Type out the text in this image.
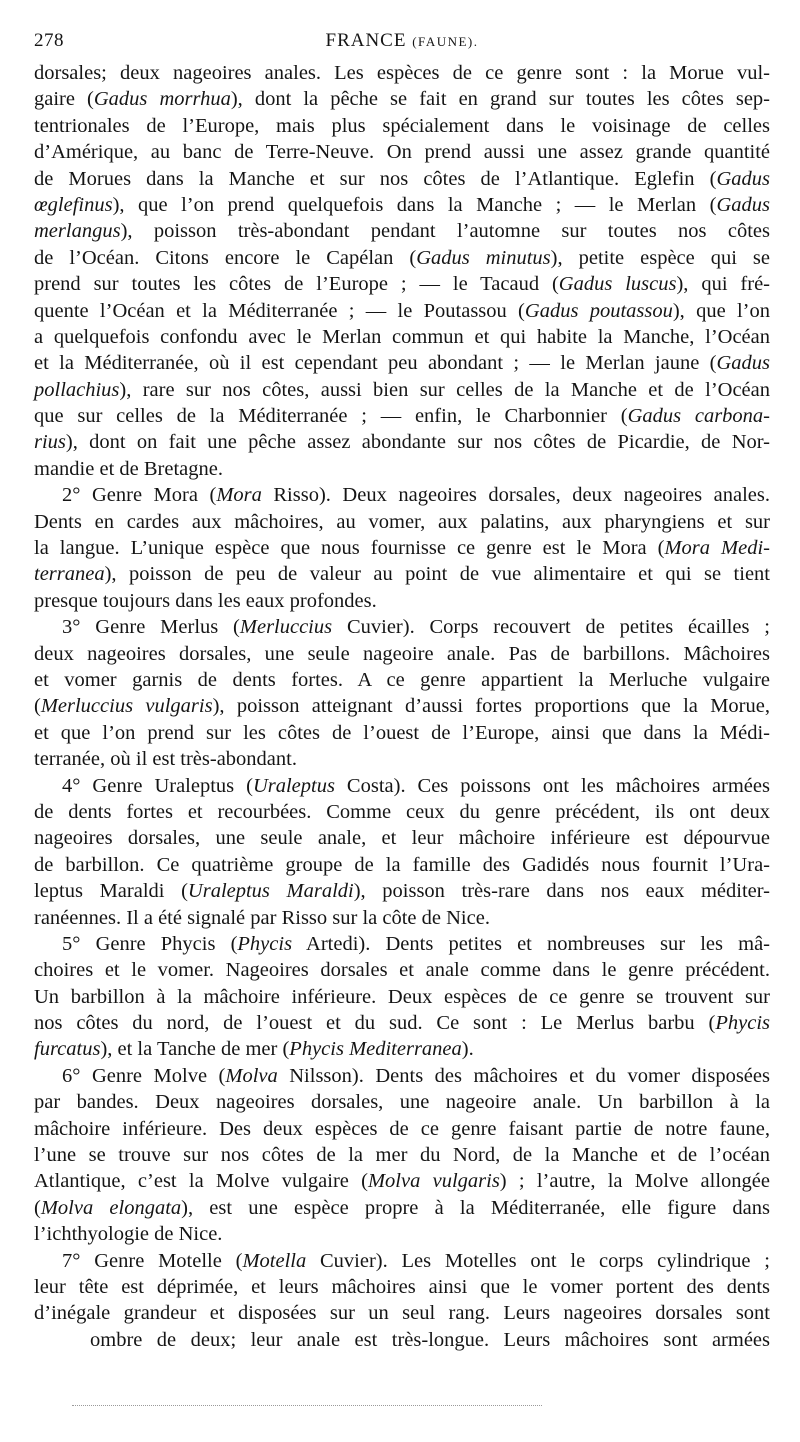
278	FRANCE (FAUNE).
dorsales; deux nageoires anales. Les espèces de ce genre sont : la Morue vul-
gaire (Gadus morrhua), dont la pêche se fait en grand sur toutes les côtes sep-
tentrionales de l’Europe, mais plus spécialement dans le voisinage de celles
d’Amérique, au banc de Terre-Neuve. On prend aussi une assez grande quantité
de Morues dans la Manche et sur nos côtes de l’Atlantique. Eglefin (Gadus
œglefinus), que l’on prend quelquefois dans la Manche ; — le Merlan (Gadus
merlangus), poisson très-abondant pendant l’automne sur toutes nos côtes
de l’Océan. Citons encore le Capélan (Gadus minutus), petite espèce qui se
prend sur toutes les côtes de l’Europe ; — le Tacaud (Gadus luscus), qui fré-
quente l’Océan et la Méditerranée ; — le Poutassou (Gadus poutassou), que l’on
a quelquefois confondu avec le Merlan commun et qui habite la Manche, l’Océan
et la Méditerranée, où il est cependant peu abondant ; — le Merlan jaune (Gadus
pollachius), rare sur nos côtes, aussi bien sur celles de la Manche et de l’Océan
que sur celles de la Méditerranée ; — enfin, le Charbonnier (Gadus carbona-
rius), dont on fait une pêche assez abondante sur nos côtes de Picardie, de Nor-
mandie et de Bretagne.
2° Genre Mora (Mora Risso). Deux nageoires dorsales, deux nageoires anales.
Dents en cardes aux mâchoires, au vomer, aux palatins, aux pharyngiens et sur
la langue. L’unique espèce que nous fournisse ce genre est le Mora (Mora Medi-
terranea), poisson de peu de valeur au point de vue alimentaire et qui se tient
presque toujours dans les eaux profondes.
3° Genre Merlus (Merluccius Cuvier). Corps recouvert de petites écailles ;
deux nageoires dorsales, une seule nageoire anale. Pas de barbillons. Mâchoires
et vomer garnis de dents fortes. A ce genre appartient la Merluche vulgaire
(Merluccius vulgaris), poisson atteignant d’aussi fortes proportions que la Morue,
et que l’on prend sur les côtes de l’ouest de l’Europe, ainsi que dans la Médi-
terranée, où il est très-abondant.
4° Genre Uraleptus (Uraleptus Costa). Ces poissons ont les mâchoires armées
de dents fortes et recourbées. Comme ceux du genre précédent, ils ont deux
nageoires dorsales, une seule anale, et leur mâchoire inférieure est dépourvue
de barbillon. Ce quatrième groupe de la famille des Gadidés nous fournit l’Ura-
leptus Maraldi (Uraleptus Maraldi), poisson très-rare dans nos eaux méditer-
ranéennes. Il a été signalé par Risso sur la côte de Nice.
5° Genre Phycis (Phycis Artedi). Dents petites et nombreuses sur les mâ-
choires et le vomer. Nageoires dorsales et anale comme dans le genre précédent.
Un barbillon à la mâchoire inférieure. Deux espèces de ce genre se trouvent sur
nos côtes du nord, de l’ouest et du sud. Ce sont : Le Merlus barbu (Phycis
furcatus), et la Tanche de mer (Phycis Mediterranea).
6° Genre Molve (Molva Nilsson). Dents des mâchoires et du vomer disposées
par bandes. Deux nageoires dorsales, une nageoire anale. Un barbillon à la
mâchoire inférieure. Des deux espèces de ce genre faisant partie de notre faune,
l’une se trouve sur nos côtes de la mer du Nord, de la Manche et de l’océan
Atlantique, c’est la Molve vulgaire (Molva vulgaris) ; l’autre, la Molve allongée
(Molva elongata), est une espèce propre à la Méditerranée, elle figure dans
l’ichthyologie de Nice.
7° Genre Motelle (Motella Cuvier). Les Motelles ont le corps cylindrique ;
leur tête est déprimée, et leurs mâchoires ainsi que le vomer portent des dents
d’inégale grandeur et disposées sur un seul rang. Leurs nageoires dorsales sont
ombre de deux; leur anale est très-longue. Leurs mâchoires sont armées
